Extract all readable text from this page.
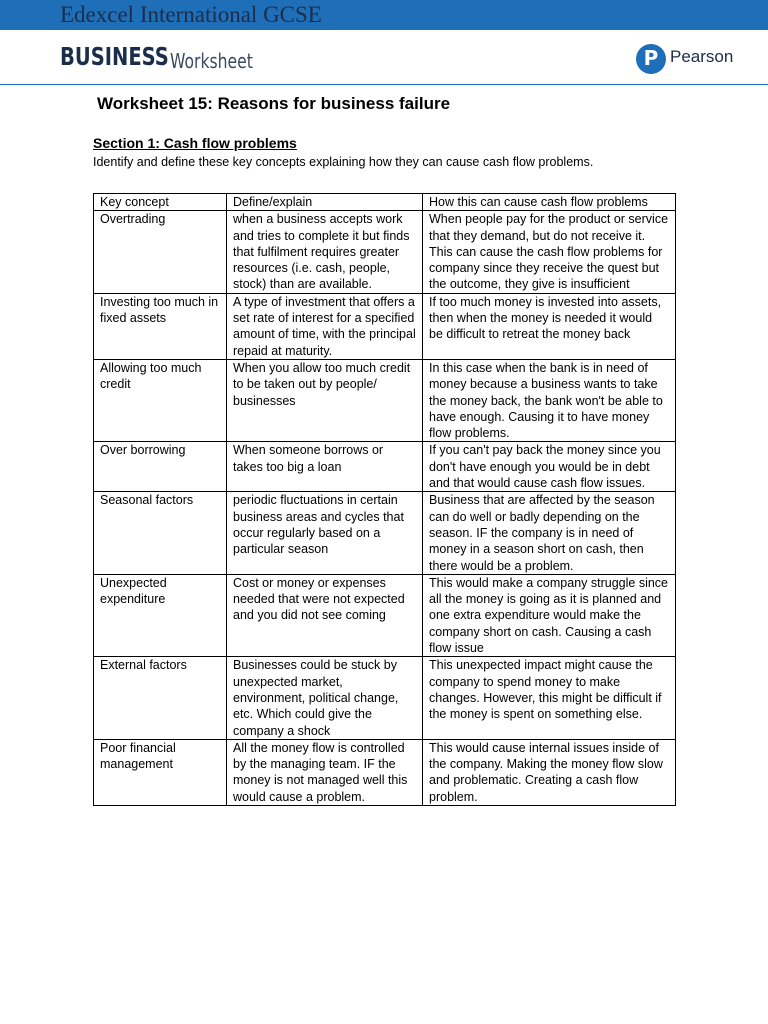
Edexcel International GCSE
BUSINESS Worksheet	P Pearson
Worksheet 15: Reasons for business failure
Section 1: Cash flow problems
Identify and define these key concepts explaining how they can cause cash flow problems.
Key concept	Define/explain	How this can cause cash flow problems
Overtrading	when a business accepts work and tries to complete it but finds that fulfilment requires greater resources (i.e. cash, people, stock) than are available.	When people pay for the product or service that they demand, but do not receive it. This can cause the cash flow problems for company since they receive the quest but the outcome, they give is insufficient
Investing too much in fixed assets	A type of investment that offers a set rate of interest for a specified amount of time, with the principal repaid at maturity.	If too much money is invested into assets, then when the money is needed it would be difficult to retreat the money back
Allowing too much credit	When you allow too much credit to be taken out by people/ businesses	In this case when the bank is in need of money because a business wants to take the money back, the bank won't be able to have enough. Causing it to have money flow problems.
Over borrowing	When someone borrows or takes too big a loan	If you can't pay back the money since you don't have enough you would be in debt and that would cause cash flow issues.
Seasonal factors	periodic fluctuations in certain business areas and cycles that occur regularly based on a particular season	Business that are affected by the season can do well or badly depending on the season. IF the company is in need of money in a season short on cash, then there would be a problem.
Unexpected expenditure	Cost or money or expenses needed that were not expected and you did not see coming	This would make a company struggle since all the money is going as it is planned and one extra expenditure would make the company short on cash. Causing a cash flow issue
External factors	Businesses could be stuck by unexpected market, environment, political change, etc. Which could give the company a shock	This unexpected impact might cause the company to spend money to make changes. However, this might be difficult if the money is spent on something else.
Poor financial management	All the money flow is controlled by the managing team. IF the money is not managed well this would cause a problem.	This would cause internal issues inside of the company. Making the money flow slow and problematic. Creating a cash flow problem.
